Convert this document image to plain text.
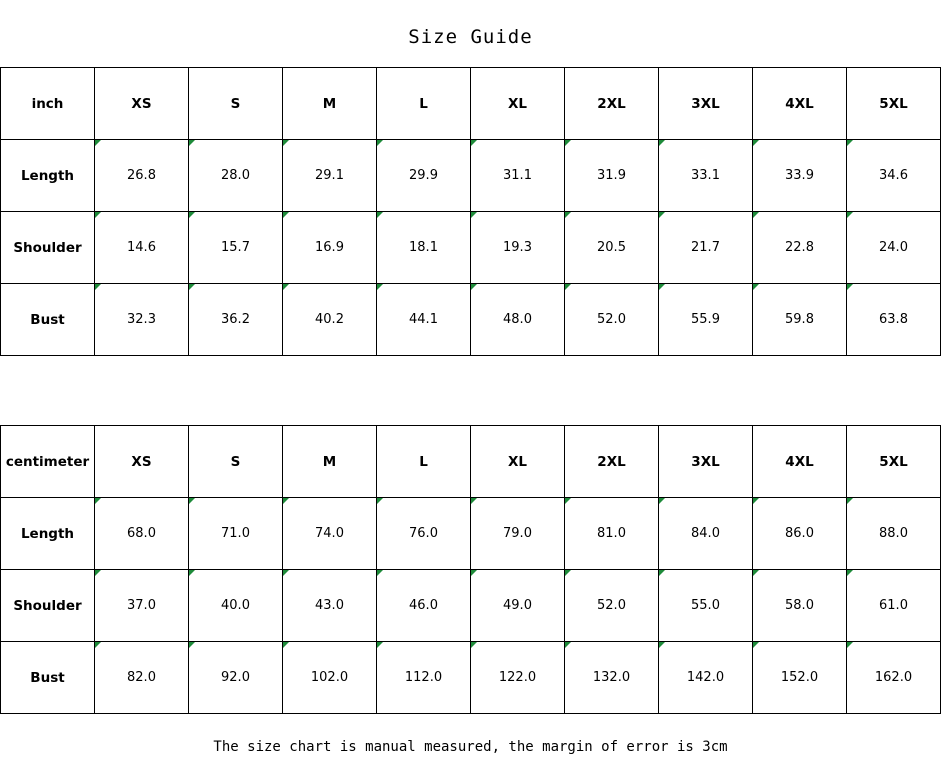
Size Guide
inch	XS	S	M	L	XL	2XL	3XL	4XL	5XL
Length	26.8	28.0	29.1	29.9	31.1	31.9	33.1	33.9	34.6
Shoulder	14.6	15.7	16.9	18.1	19.3	20.5	21.7	22.8	24.0
Bust	32.3	36.2	40.2	44.1	48.0	52.0	55.9	59.8	63.8
centimeter	XS	S	M	L	XL	2XL	3XL	4XL	5XL
Length	68.0	71.0	74.0	76.0	79.0	81.0	84.0	86.0	88.0
Shoulder	37.0	40.0	43.0	46.0	49.0	52.0	55.0	58.0	61.0
Bust	82.0	92.0	102.0	112.0	122.0	132.0	142.0	152.0	162.0
The size chart is manual measured, the margin of error is 3cm
